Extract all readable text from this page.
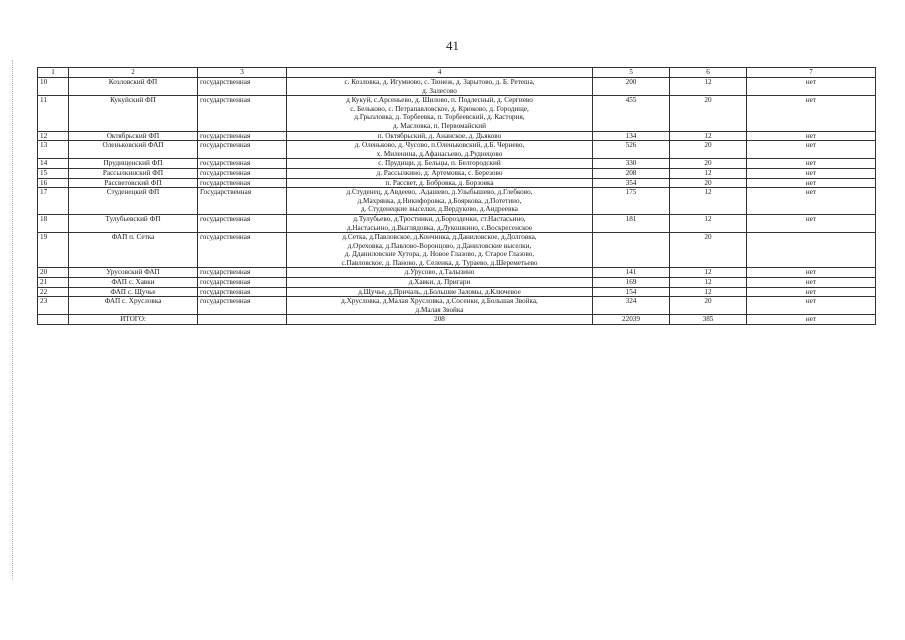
41
1	2	3	4	5	6	7
10	Козловский ФП	государственная	с. Козловка, д. Игумново, с. Тюнеж, д. Зарытово, д. Б. Ретеша,
д. Залесово	200	12	нет
11	Кукуйский ФП	государственная	д Кукуй, с.Арсеньево, д. Шилово, п. Подлесный, д. Сергиево
с. Бельково, с. Петрапавловское, д. Крюково, д. Городище,
д.Грызловка, д. Торбеевка, п. Торбеевский, д. Кастория,
д. Масловка, п. Первомайский	455	20	нет
12	Октябрьский ФП	государственная	п. Октябрьский, д. Ананское, д. Дьяково	134	12	нет
13	Оленьковский ФАП	государственная	д. Оленьково, д. Чусово, п.Оленьковский, д.Б. Чернево,
х. Миленина, д.Афанасьево, д.Руднецово	526	20	нет
14	Прудищенский ФП	государственная	с. Прудищи, д. Бельцы, п. Белгородский	330	20	нет
15	Рассылкинский ФП	государственная	д. Рассылкино, д. Артемовка, с. Березово	208	12	нет
16	Рассветовский ФП	государственная	п. Рассвет, д. Бобровка, д. Борзовка	354	20	нет
17	Студенецкий ФП	Государственная	д.Студенец, д.Авдеево, .Адашево, д.Улыбышево, д.Глебково,
д.Махрянка, д.Никифоровка, д.Бояркова, д.Потетино,
д. Студенецкие выселки, д.Вердуково, д.Андреевка	175	12	нет
18	Тулубьевский ФП	государственная	д.Тулубьево, д.Тростники, д.Борозденки, ст.Настасьино,
д.Настасьино, д.Выглядовка, д.Лукошкино, с.Воскресенское	181	12	нет
19	ФАП п. Сетка	государственная	д.Сетка, д.Павловское, д.Кончинка, д.Даниловское, д.Долговка,
д.Ореховка, д.Павлово-Воронцово, д.Даниловские выселки,
д. Дданиловские Хутора, д. Новое Глазово, д. Старое Глазово,
с.Павловское, д. Паново, д. Селенка, д. Тураево, д.Шереметьево		20	
20	Урусовский ФАП	государственная	д.Урусово, д.Талызино	141	12	нет
21	ФАП с. Хавки	государственная	д.Хавки, д. Пригари	169	12	нет
22	ФАП с. Щучье	государственная	д.Щучье, д.Причаль, д.Большие Заломы, д.Ключевое	154	12	нет
23	ФАП с. Хрусловка	государственная	д.Хрусловка, д.Малая Хрусловка, д.Сосенки, д.Большая Звойка,
д.Малая Звойка	324	20	нет
	ИТОГО:		208	22039	385	нет
